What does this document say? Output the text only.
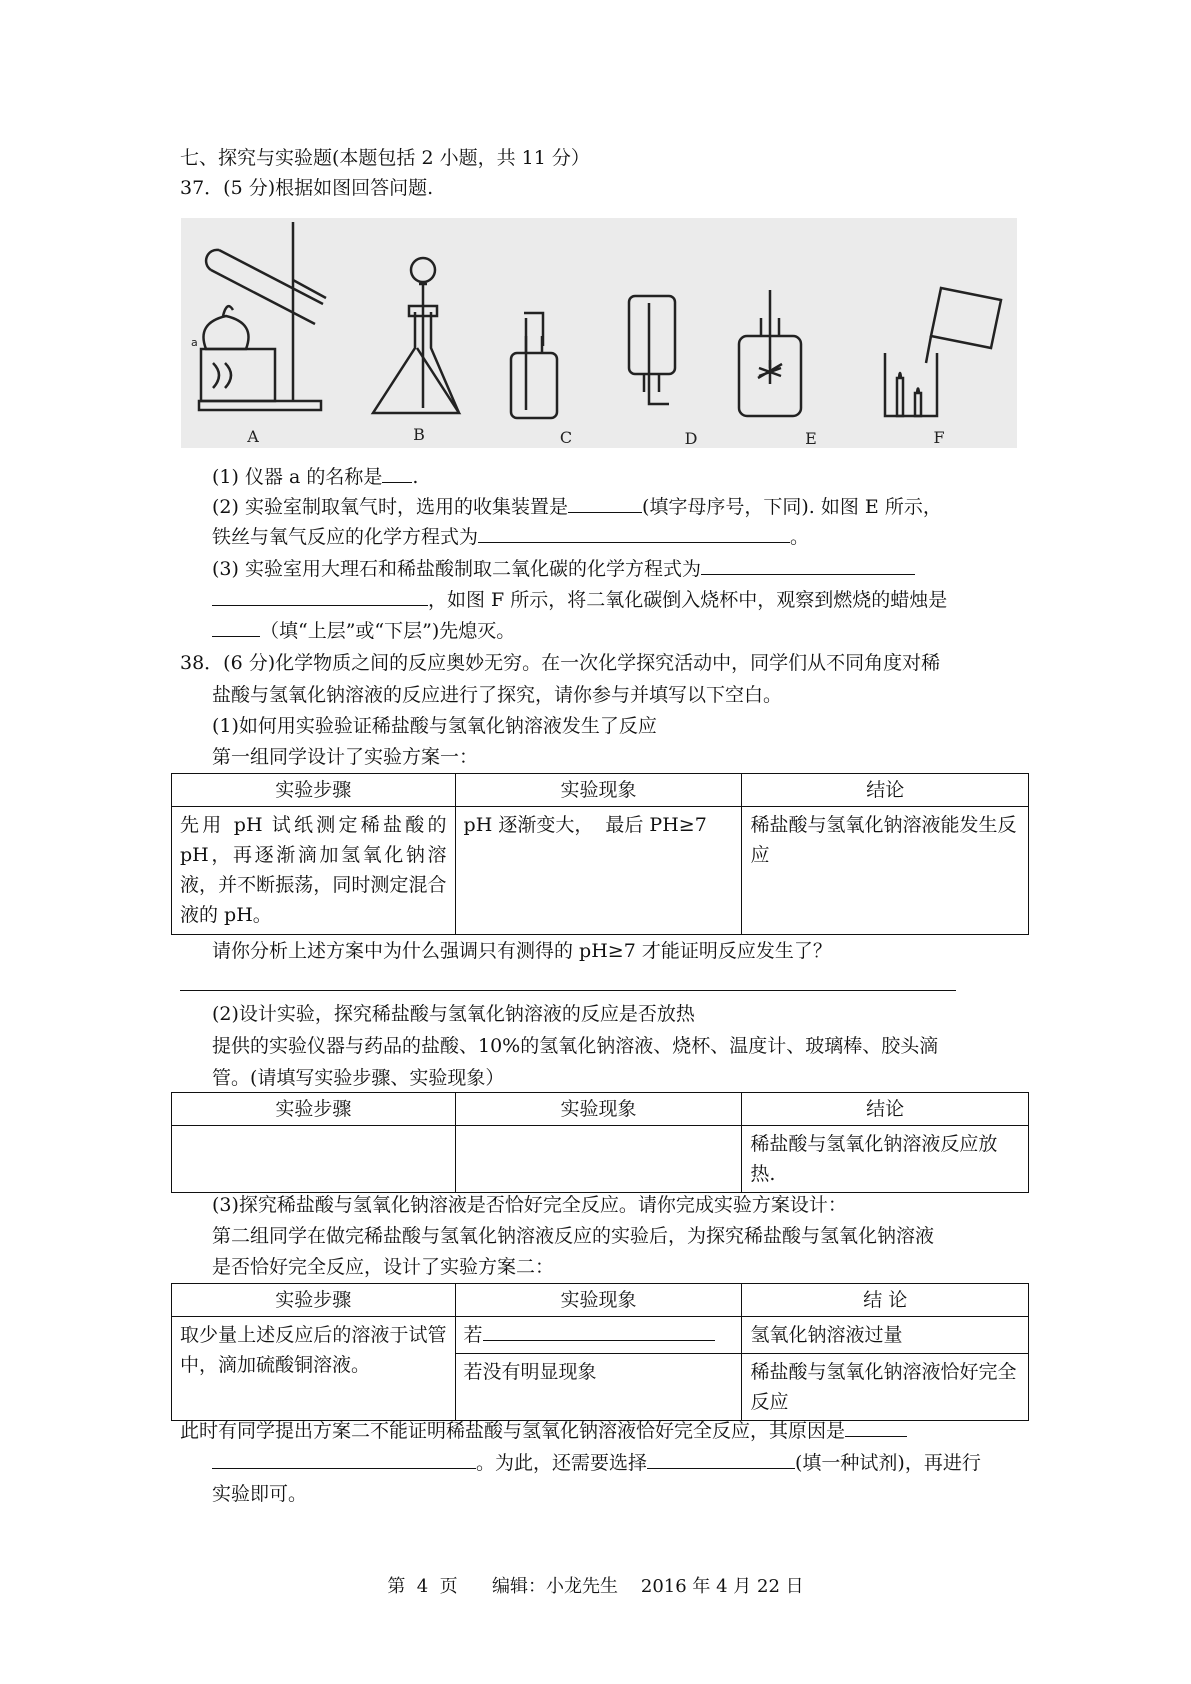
七、探究与实验题(本题包括 2 小题，共 11 分）
37．(5 分)根据如图回答问题.
a
A	B	C	D	E	F
(1) 仪器 a 的名称是 .
(2) 实验室制取氧气时，选用的收集装置是	(填字母序号，下同). 如图 E 所示，
铁丝与氧气反应的化学方程式为	。
(3) 实验室用大理石和稀盐酸制取二氧化碳的化学方程式为
，如图 F 所示，将二氧化碳倒入烧杯中，观察到燃烧的蜡烛是
（填“上层”或“下层”)先熄灭。
38．(6 分)化学物质之间的反应奥妙无穷。在一次化学探究活动中，同学们从不同角度对稀
盐酸与氢氧化钠溶液的反应进行了探究，请你参与并填写以下空白。
(1)如何用实验验证稀盐酸与氢氧化钠溶液发生了反应
第一组同学设计了实验方案一：
实验步骤	实验现象	结论
先用 pH 试纸测定稀盐酸的pH，再逐渐滴加氢氧化钠溶液，并不断振荡，同时测定混合液的 pH。	pH 逐渐变大，  最后 PH≥7	稀盐酸与氢氧化钠溶液能发生反应
请你分析上述方案中为什么强调只有测得的 pH≥7 才能证明反应发生了？
(2)设计实验，探究稀盐酸与氢氧化钠溶液的反应是否放热
提供的实验仪器与药品的盐酸、10%的氢氧化钠溶液、烧杯、温度计、玻璃棒、胶头滴
管。(请填写实验步骤、实验现象）
实验步骤	实验现象	结论
		稀盐酸与氢氧化钠溶液反应放热.
(3)探究稀盐酸与氢氧化钠溶液是否恰好完全反应。请你完成实验方案设计：
第二组同学在做完稀盐酸与氢氧化钠溶液反应的实验后，为探究稀盐酸与氢氧化钠溶液
是否恰好完全反应，设计了实验方案二：
实验步骤	实验现象	结 论
取少量上述反应后的溶液于试管中，滴加硫酸铜溶液。	若	氢氧化钠溶液过量
	若没有明显现象	稀盐酸与氢氧化钠溶液恰好完全反应
此时有同学提出方案二不能证明稀盐酸与氢氧化钠溶液恰好完全反应，其原因是
。为此，还需要选择	(填一种试剂)，再进行
实验即可。
第  4  页      编辑：小龙先生    2016 年 4 月 22 日
